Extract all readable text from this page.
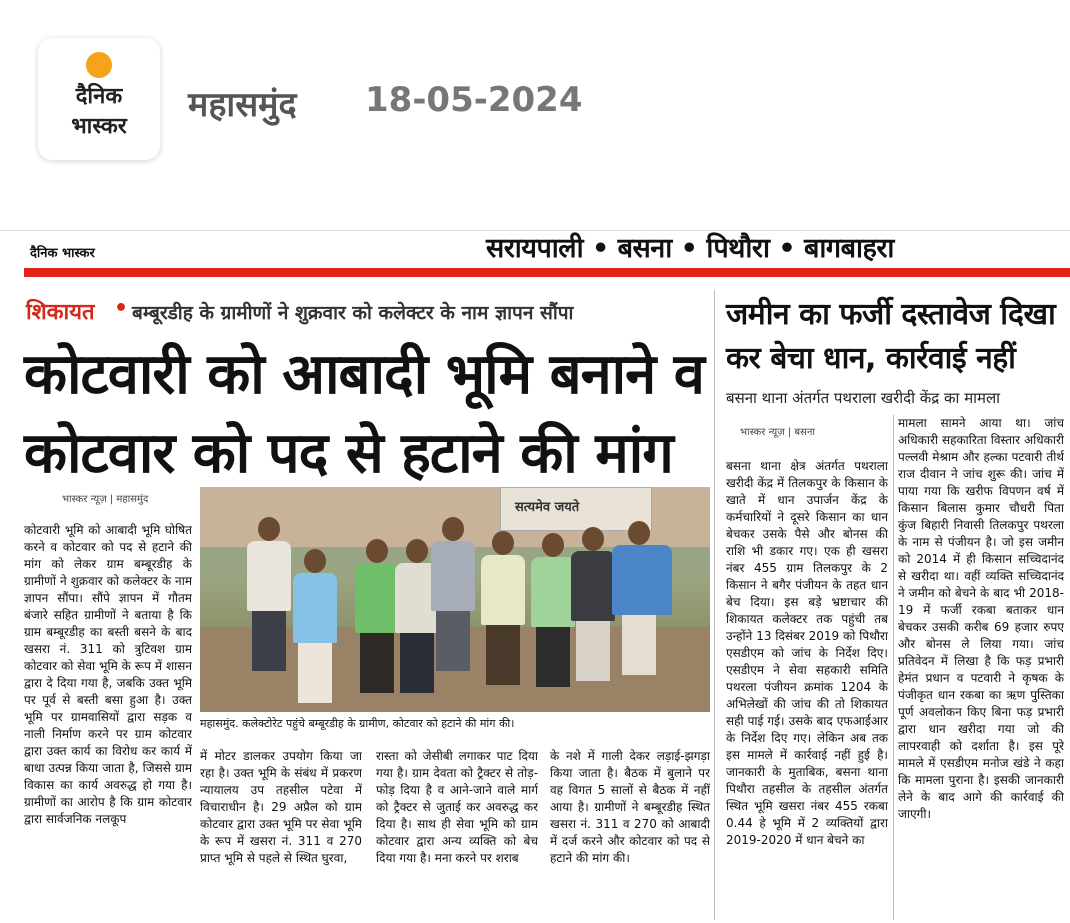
दैनिक
भास्कर
महासमुंद 18-05-2024
दैनिक भास्कर	सरायपाली • बसना • पिथौरा • बागबाहरा
शिकायत • बम्बूरडीह के ग्रामीणों ने शुक्रवार को कलेक्टर के नाम ज्ञापन सौंपा
कोटवारी को आबादी भूमि बनाने व
कोटवार को पद से हटाने की मांग
भास्कर न्यूज़ | महासमुंद
सत्यमेव जयते
महासमुंद. कलेक्टोरेट पहुंचे बम्बूरडीह के ग्रामीण, कोटवार को हटाने की मांग की।
कोटवारी भूमि को आबादी भूमि घोषित करने व कोटवार को पद से हटाने की मांग को लेकर ग्राम बम्बूरडीह के ग्रामीणों ने शुक्रवार को कलेक्टर के नाम ज्ञापन सौंपा। सौंपे ज्ञापन में गौतम बंजारे सहित ग्रामीणों ने बताया है कि ग्राम बम्बूरडीह का बस्ती बसने के बाद खसरा नं. 311 को त्रुटिवश ग्राम कोटवार को सेवा भूमि के रूप में शासन द्वारा दे दिया गया है, जबकि उक्त भूमि पर पूर्व से बस्ती बसा हुआ है। उक्त भूमि पर ग्रामवासियों द्वारा सड़क व नाली निर्माण करने पर ग्राम कोटवार द्वारा उक्त कार्य का विरोध कर कार्य में बाधा उत्पन्न किया जाता है, जिससे ग्राम विकास का कार्य अवरुद्ध हो गया है। ग्रामीणों का आरोप है कि ग्राम कोटवार द्वारा सार्वजनिक नलकूप
में मोटर डालकर उपयोग किया जा रहा है। उक्त भूमि के संबंध में प्रकरण न्यायालय उप तहसील पटेवा में विचाराधीन है। 29 अप्रैल को ग्राम कोटवार द्वारा उक्त भूमि पर सेवा भूमि के रूप में खसरा नं. 311 व 270 प्राप्त भूमि से पहले से स्थित घुरवा,
रास्ता को जेसीबी लगाकर पाट दिया गया है। ग्राम देवता को ट्रैक्टर से तोड़-फोड़ दिया है व आने-जाने वाले मार्ग को ट्रैक्टर से जुताई कर अवरुद्ध कर दिया है। साथ ही सेवा भूमि को ग्राम कोटवार द्वारा अन्य व्यक्ति को बेच दिया गया है। मना करने पर शराब
के नशे में गाली देकर लड़ाई-झगड़ा किया जाता है। बैठक में बुलाने पर वह विगत 5 सालों से बैठक में नहीं आया है। ग्रामीणों ने बम्बूरडीह स्थित खसरा नं. 311 व 270 को आबादी में दर्ज करने और कोटवार को पद से हटाने की मांग की।
जमीन का फर्जी दस्तावेज दिखा
कर बेचा धान, कार्रवाई नहीं
बसना थाना अंतर्गत पथराला खरीदी केंद्र का मामला
भास्कर न्यूज़ | बसना
बसना थाना क्षेत्र अंतर्गत पथराला खरीदी केंद्र में तिलकपुर के किसान के खाते में धान उपार्जन केंद्र के कर्मचारियों ने दूसरे किसान का धान बेचकर उसके पैसे और बोनस की राशि भी डकार गए। एक ही खसरा नंबर 455 ग्राम तिलकपुर के 2 किसान ने बगैर पंजीयन के तहत धान बेच दिया। इस बड़े भ्रष्टाचार की शिकायत कलेक्टर तक पहुंची तब उन्होंने 13 दिसंबर 2019 को पिथौरा एसडीएम को जांच के निर्देश दिए। एसडीएम ने सेवा सहकारी समिति पथरला पंजीयन क्रमांक 1204 के अभिलेखों की जांच की तो शिकायत सही पाई गई। उसके बाद एफआईआर के निर्देश दिए गए। लेकिन अब तक इस मामले में कार्रवाई नहीं हुई है। जानकारी के मुताबिक, बसना थाना पिथौरा तहसील के तहसील अंतर्गत स्थित भूमि खसरा नंबर 455 रकबा 0.44 हे भूमि में 2 व्यक्तियों द्वारा 2019-2020 में धान बेचने का
मामला सामने आया था। जांच अधिकारी सहकारिता विस्तार अधिकारी पल्लवी मेश्राम और हल्का पटवारी तीर्थ राज दीवान ने जांच शुरू की। जांच में पाया गया कि खरीफ विपणन वर्ष में किसान बिलास कुमार चौधरी पिता कुंज बिहारी निवासी तिलकपुर पथरला के नाम से पंजीयन है। जो इस जमीन को 2014 में ही किसान सच्चिदानंद से खरीदा था। वहीं व्यक्ति सच्चिदानंद ने जमीन को बेचने के बाद भी 2018-19 में फर्जी रकबा बताकर धान बेचकर उसकी करीब 69 हजार रुपए और बोनस ले लिया गया। जांच प्रतिवेदन में लिखा है कि फड़ प्रभारी हेमंत प्रधान व पटवारी ने कृषक के पंजीकृत धान रकबा का ऋण पुस्तिका पूर्ण अवलोकन किए बिना फड़ प्रभारी द्वारा धान खरीदा गया जो की लापरवाही को दर्शाता है। इस पूरे मामले में एसडीएम मनोज खंडे ने कहा कि मामला पुराना है। इसकी जानकारी लेने के बाद आगे की कार्रवाई की जाएगी।
